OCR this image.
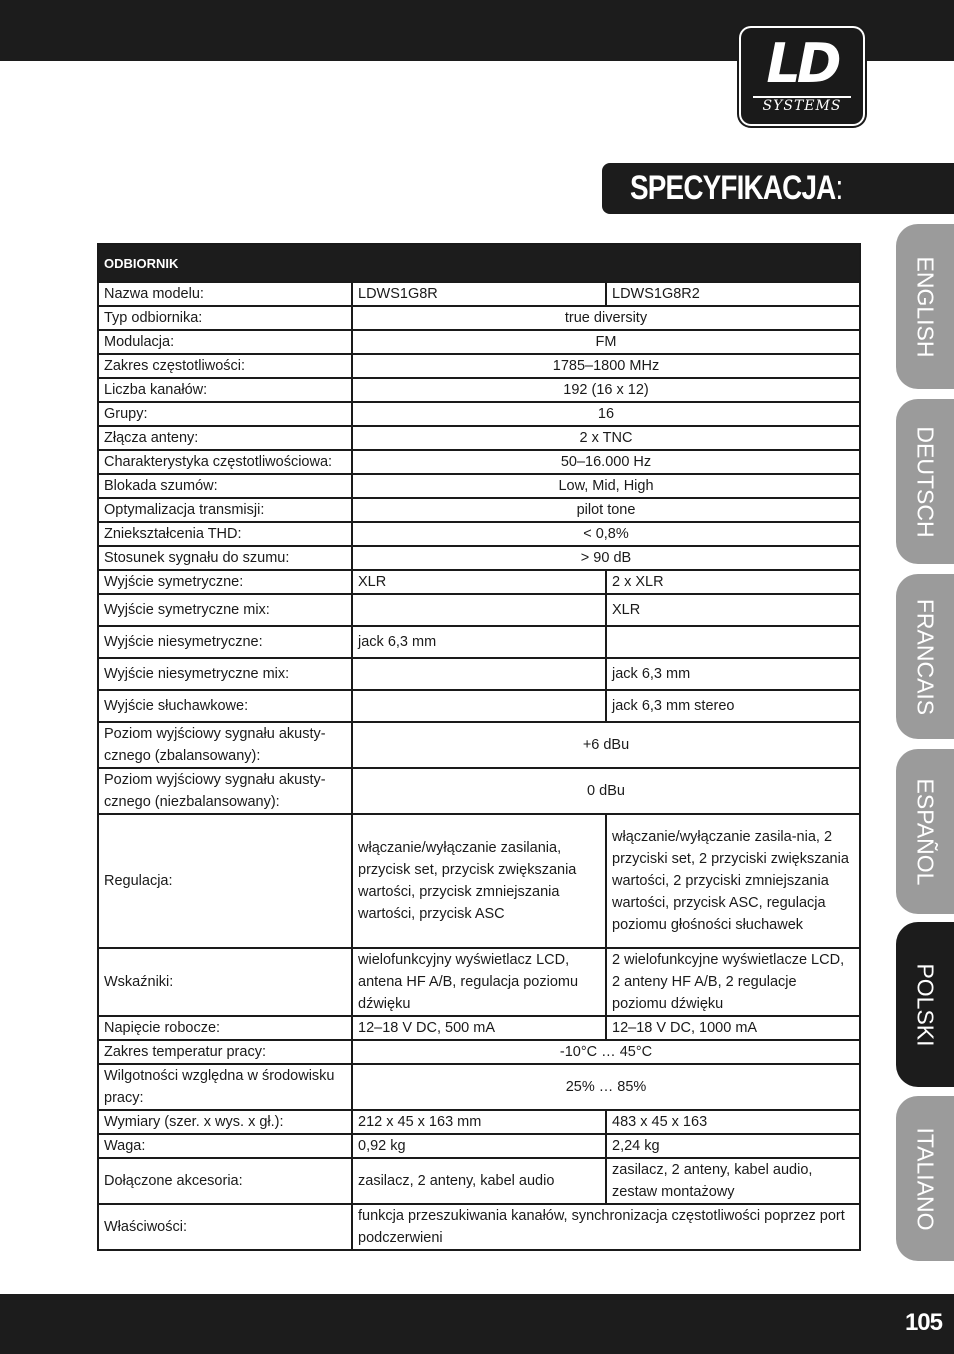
LD
SYSTEMS
SPECYFIKACJA:
ENGLISH
DEUTSCH
FRANCAIS
ESPAÑOL
POLSKI
ITALIANO
ODBIORNIK		
Nazwa modelu:	LDWS1G8R	LDWS1G8R2
Typ odbiornika:	true diversity	
Modulacja:	FM	
Zakres częstotliwości:	1785–1800 MHz	
Liczba kanałów:	192 (16 x 12)	
Grupy:	16	
Złącza anteny:	2 x TNC	
Charakterystyka częstotliwościowa:	50–16.000 Hz	
Blokada szumów:	Low, Mid, High	
Optymalizacja transmisji:	pilot tone	
Zniekształcenia THD:	< 0,8%	
Stosunek sygnału do szumu:	> 90 dB	
Wyjście symetryczne:	XLR	2 x XLR
Wyjście symetryczne mix:		XLR
Wyjście niesymetryczne:	jack 6,3 mm	
Wyjście niesymetryczne mix:		jack 6,3 mm
Wyjście słuchawkowe:		jack 6,3 mm stereo
Poziom wyjściowy sygnału akusty-cznego (zbalansowany):	+6 dBu	
Poziom wyjściowy sygnału akusty-cznego (niezbalansowany):	0 dBu	
Regulacja:	włączanie/wyłączanie zasilania, przycisk set, przycisk zwiększania wartości, przycisk zmniejszania wartości, przycisk ASC	włączanie/wyłączanie zasila-nia, 2 przyciski set, 2 przyciski zwiększania wartości, 2 przyciski zmniejszania wartości, przycisk ASC, regulacja poziomu głośności słuchawek
Wskaźniki:	wielofunkcyjny wyświetlacz LCD, antena HF A/B, regulacja poziomu dźwięku	2 wielofunkcyjne wyświetlacze LCD, 2 anteny HF A/B, 2 regulacje poziomu dźwięku
Napięcie robocze:	12–18 V DC, 500 mA	12–18 V DC, 1000 mA
Zakres temperatur pracy:	-10°C … 45°C	
Wilgotności względna w środowisku pracy:	25% … 85%	
Wymiary (szer. x wys. x gł.):	212 x 45 x 163 mm	483 x 45 x 163
Waga:	0,92 kg	2,24 kg
Dołączone akcesoria:	zasilacz, 2 anteny, kabel audio	zasilacz, 2 anteny, kabel audio, zestaw montażowy
Właściwości:	funkcja przeszukiwania kanałów, synchronizacja częstotliwości poprzez port podczerwieni	
105
